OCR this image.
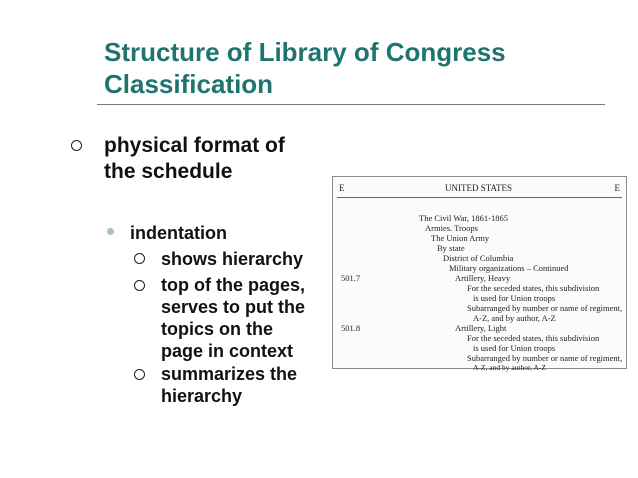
Structure of Library of Congress Classification
physical format of
the schedule
indentation
shows hierarchy
top of the pages,
serves to put the
topics on the
page in context
summarizes the
hierarchy
E	UNITED STATES	E
The Civil War, 1861-1865
Armies. Troops
The Union Army
By state
District of Columbia
Military organizations – Continued
501.7	Artillery, Heavy
For the seceded states, this subdivision
is used for Union troops
Subarranged by number or name of regiment,
A-Z, and by author, A-Z
501.8	Artillery, Light
For the seceded states, this subdivision
is used for Union troops
Subarranged by number or name of regiment,
A-Z, and by author, A-Z
